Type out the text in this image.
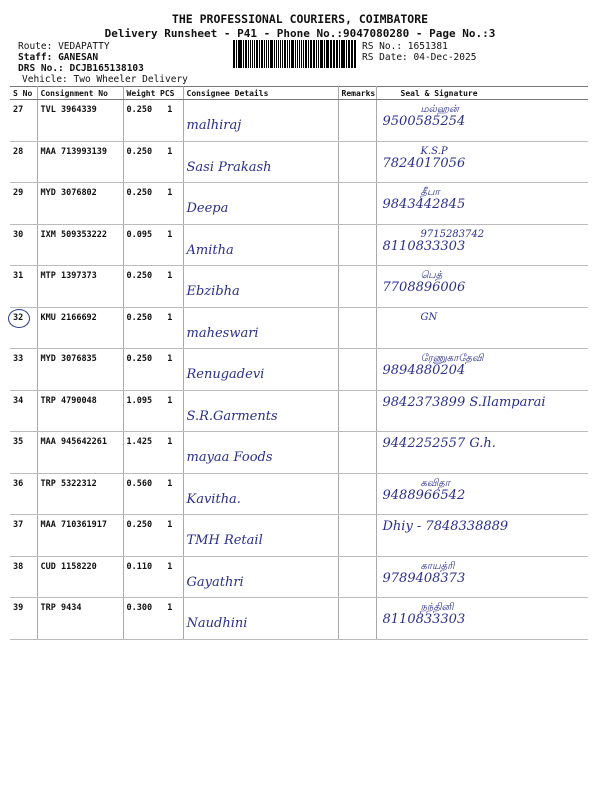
THE PROFESSIONAL COURIERS, COIMBATORE
Delivery Runsheet - P41 - Phone No.:9047080280 - Page No.:3
Route: VEDAPATTY
Staff: GANESAN
DRS No.: DCJB165138103
Vehicle: Two Wheeler Delivery
RS No.: 1651381
RS Date: 04-Dec-2025
S No	Consignment No	Weight	PCS	Consignee Details	Remarks	Seal & Signature
27	TVL 3964339	0.250	1	malhiraj		மல்ஹன்
9500585254

28	MAA 713993139	0.250	1	Sasi Prakash		K.S.P
7824017056

29	MYD 3076802	0.250	1	Deepa		தீபா
9843442845

30	IXM 509353222	0.095	1	Amitha		9715283742
8110833303

31	MTP 1397373	0.250	1	Ebzibha		பெத்
7708896006

32	KMU 2166692	0.250	1	maheswari		GN

33	MYD 3076835	0.250	1	Renugadevi		ரேணுகாதேவி
9894880204

34	TRP 4790048	1.095	1	S.R.Garments		9842373899 S.Ilamparai

35	MAA 945642261	1.425	1	mayaa Foods		9442252557 G.h.

36	TRP 5322312	0.560	1	Kavitha.		கவிதா
9488966542

37	MAA 710361917	0.250	1	TMH Retail		Dhiy - 7848338889

38	CUD 1158220	0.110	1	Gayathri		காயத்ரி
9789408373

39	TRP 9434	0.300	1	Naudhini		நந்தினி
8110833303
